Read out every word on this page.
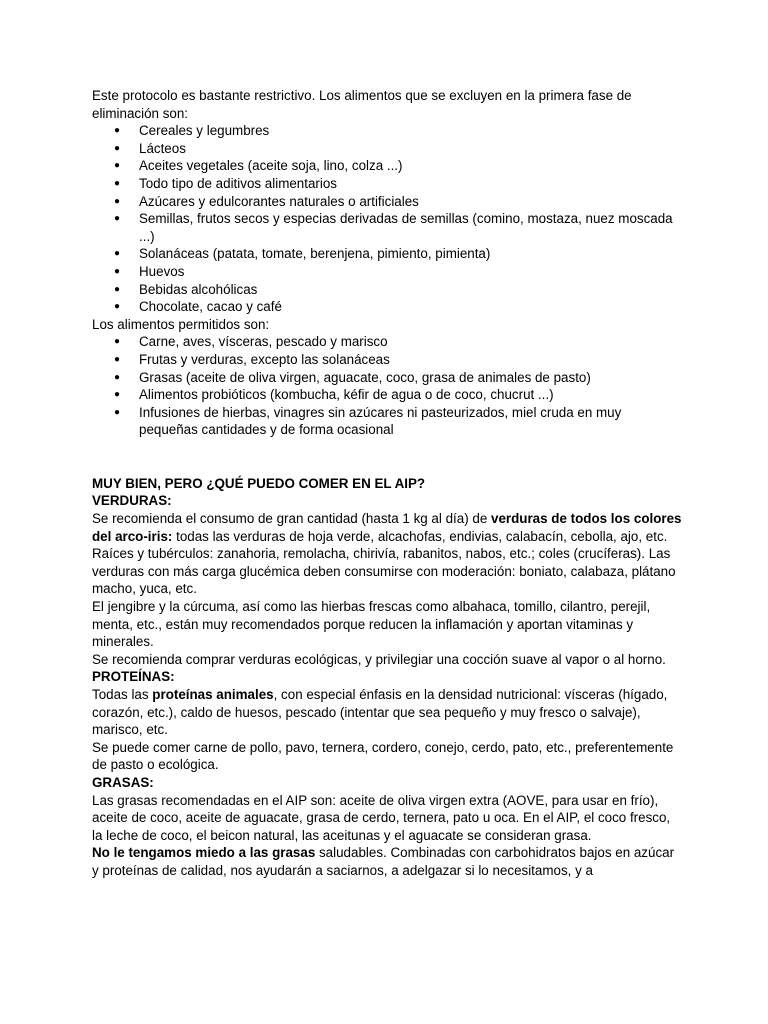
Este protocolo es bastante restrictivo. Los alimentos que se excluyen en la primera fase de eliminación son:

● Cereales y legumbres
● Lácteos
● Aceites vegetales (aceite soja, lino, colza ...)
● Todo tipo de aditivos alimentarios
● Azúcares y edulcorantes naturales o artificiales
● Semillas, frutos secos y especias derivadas de semillas (comino, mostaza, nuez moscada ...)
● Solanáceas (patata, tomate, berenjena, pimiento, pimienta)
● Huevos
● Bebidas alcohólicas
● Chocolate, cacao y café

Los alimentos permitidos son:

● Carne, aves, vísceras, pescado y marisco
● Frutas y verduras, excepto las solanáceas
● Grasas (aceite de oliva virgen, aguacate, coco, grasa de animales de pasto)
● Alimentos probióticos (kombucha, kéfir de agua o de coco, chucrut ...)
● Infusiones de hierbas, vinagres sin azúcares ni pasteurizados, miel cruda en muy pequeñas cantidades y de forma ocasional

MUY BIEN, PERO ¿QUÉ PUEDO COMER EN EL AIP?

VERDURAS:

Se recomienda el consumo de gran cantidad (hasta 1 kg al día) de verduras de todos los colores del arco-iris: todas las verduras de hoja verde, alcachofas, endivias, calabacín, cebolla, ajo, etc. Raíces y tubérculos: zanahoria, remolacha, chirivía, rabanitos, nabos, etc.; coles (crucíferas). Las verduras con más carga glucémica deben consumirse con moderación: boniato, calabaza, plátano macho, yuca, etc.

El jengibre y la cúrcuma, así como las hierbas frescas como albahaca, tomillo, cilantro, perejil, menta, etc., están muy recomendados porque reducen la inflamación y aportan vitaminas y minerales.

Se recomienda comprar verduras ecológicas, y privilegiar una cocción suave al vapor o al horno.

PROTEÍNAS:

Todas las proteínas animales, con especial énfasis en la densidad nutricional: vísceras (hígado, corazón, etc.), caldo de huesos, pescado (intentar que sea pequeño y muy fresco o salvaje), marisco, etc.

Se puede comer carne de pollo, pavo, ternera, cordero, conejo, cerdo, pato, etc., preferentemente de pasto o ecológica.

GRASAS:

Las grasas recomendadas en el AIP son: aceite de oliva virgen extra (AOVE, para usar en frío), aceite de coco, aceite de aguacate, grasa de cerdo, ternera, pato u oca. En el AIP, el coco fresco, la leche de coco, el beicon natural, las aceitunas y el aguacate se consideran grasa.

No le tengamos miedo a las grasas saludables. Combinadas con carbohidratos bajos en azúcar y proteínas de calidad, nos ayudarán a saciarnos, a adelgazar si lo necesitamos, y a
